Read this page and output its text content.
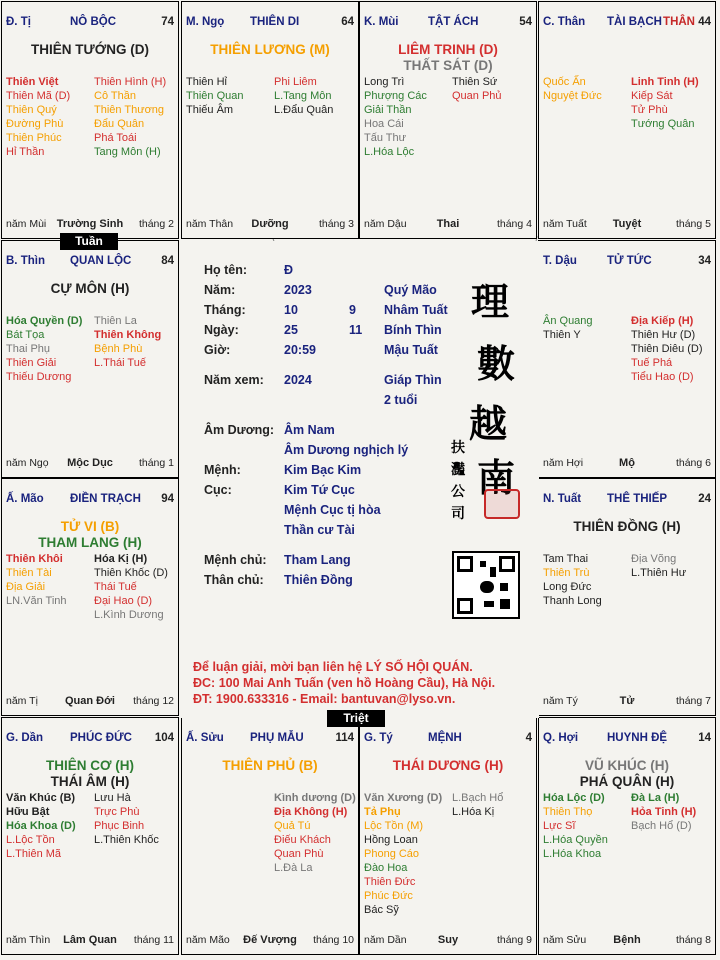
Đ. Tị	NÔ BỘC	74
THIÊN TƯỚNG (D)
Thiên Việt
Thiên Mã (D)
Thiên Quý
Đường Phù
Thiên Phúc
Hỉ Thần
Thiên Hình (H)
Cô Thần
Thiên Thương
Đẩu Quân
Phá Toái
Tang Môn (H)
năm Mùi Trường Sinh	tháng 2
M. Ngọ THIÊN DI	64
THIÊN LƯƠNG (M)
Thiên Hỉ
Thiên Quan
Thiếu Âm
Phi Liêm
L.Tang Môn
L.Đẩu Quân
năm Thân	Dưỡng	tháng 3
K. Mùi	TẬT ÁCH	54
LIÊM TRINH (D)
THẤT SÁT (D)
Long Trì
Phượng Các
Giải Thần
Hoa Cái
Tấu Thư
L.Hóa Lộc
Thiên Sứ
Quan Phủ
năm Dậu	Thai	tháng 4
C. Thân TÀI BẠCH THÂN 44
Quốc Ấn
Nguyệt Đức
Linh Tinh (H)
Kiếp Sát
Tử Phù
Tướng Quân
năm Tuất	Tuyệt	tháng 5
B. Thìn QUAN LỘC	84
CỰ MÔN (H)
Hóa Quyền (D)
Bát Tọa
Thai Phụ
Thiên Giải
Thiếu Dương
Thiên La
Thiên Không
Bệnh Phù
L.Thái Tuế
năm Ngọ	Mộc Dục	tháng 1
T. Dậu	TỬ TỨC	34
Ân Quang
Thiên Y
Địa Kiếp (H)
Thiên Hư (D)
Thiên Diêu (D)
Tuế Phá
Tiểu Hao (D)
năm Hợi	Mộ	tháng 6
Ấ. Mão ĐIỀN TRẠCH 94
TỬ VI (B)
THAM LANG (H)
Thiên Khôi
Thiên Tài
Địa Giải
LN.Văn Tinh
Hóa Kị (H)
Thiên Khốc (D)
Thái Tuế
Đại Hao (D)
L.Kình Dương
năm Tị	Quan Đới	tháng 12
N. Tuất THÊ THIẾP	24
THIÊN ĐỒNG (H)
Tam Thai
Thiên Trù
Long Đức
Thanh Long
Địa Võng
L.Thiên Hư
năm Tý	Tử	tháng 7
G. Dần PHÚC ĐỨC 104
THIÊN CƠ (H)
THÁI ÂM (H)
Văn Khúc (B)
Hữu Bật
Hóa Khoa (D)
L.Lộc Tồn
L.Thiên Mã
Lưu Hà
Trực Phù
Phục Binh
L.Thiên Khốc
năm Thìn	Lâm Quan	tháng 11
Ấ. Sửu PHỤ MẪU	114
THIÊN PHỦ (B)
Kình dương (D)
Địa Không (H)
Quả Tú
Điếu Khách
Quan Phù
L.Đà La
năm Mão	Đế Vượng	tháng 10
G. Tý	MỆNH	4
THÁI DƯƠNG (H)
Văn Xương (D)
Tả Phụ
Lộc Tồn (M)
Hồng Loan
Phong Cáo
Đào Hoa
Thiên Đức
Phúc Đức
Bác Sỹ
L.Bạch Hổ
L.Hóa Kị
năm Dần	Suy	tháng 9
Q. Hợi	HUYNH ĐỆ	14
VŨ KHÚC (H)
PHÁ QUÂN (H)
Hóa Lộc (D)
Thiên Thọ
Lực Sĩ
L.Hóa Quyền
L.Hóa Khoa
Đà La (H)
Hỏa Tinh (H)
Bạch Hổ (D)
năm Sửu	Bệnh	tháng 8
Họ tên:	Đ
Năm:	2023	Quý Mão
Tháng:	10	9 Nhâm Tuất
Ngày:	25	11 Bính Thìn
Giờ:	20:59	Mậu Tuất
Năm xem: 2024	Giáp Thìn
2 tuổi
Âm Dương: Âm Nam
Âm Dương nghịch lý
Mệnh:	Kim Bạc Kim
Cục:	Kim Tứ Cục
Mệnh Cục tị hòa
Thần cư Tài
Mệnh chủ: Tham Lang
Thân chủ: Thiên Đồng
理
數
越
南
扶
灩
公
司
Để luận giải, mời bạn liên hệ LÝ SỐ HỘI QUÁN.
ĐC: 100 Mai Anh Tuấn (ven hồ Hoàng Cầu), Hà Nội.
ĐT: 1900.633316 - Email: bantuvan@lyso.vn.
Tuần
Triệt
